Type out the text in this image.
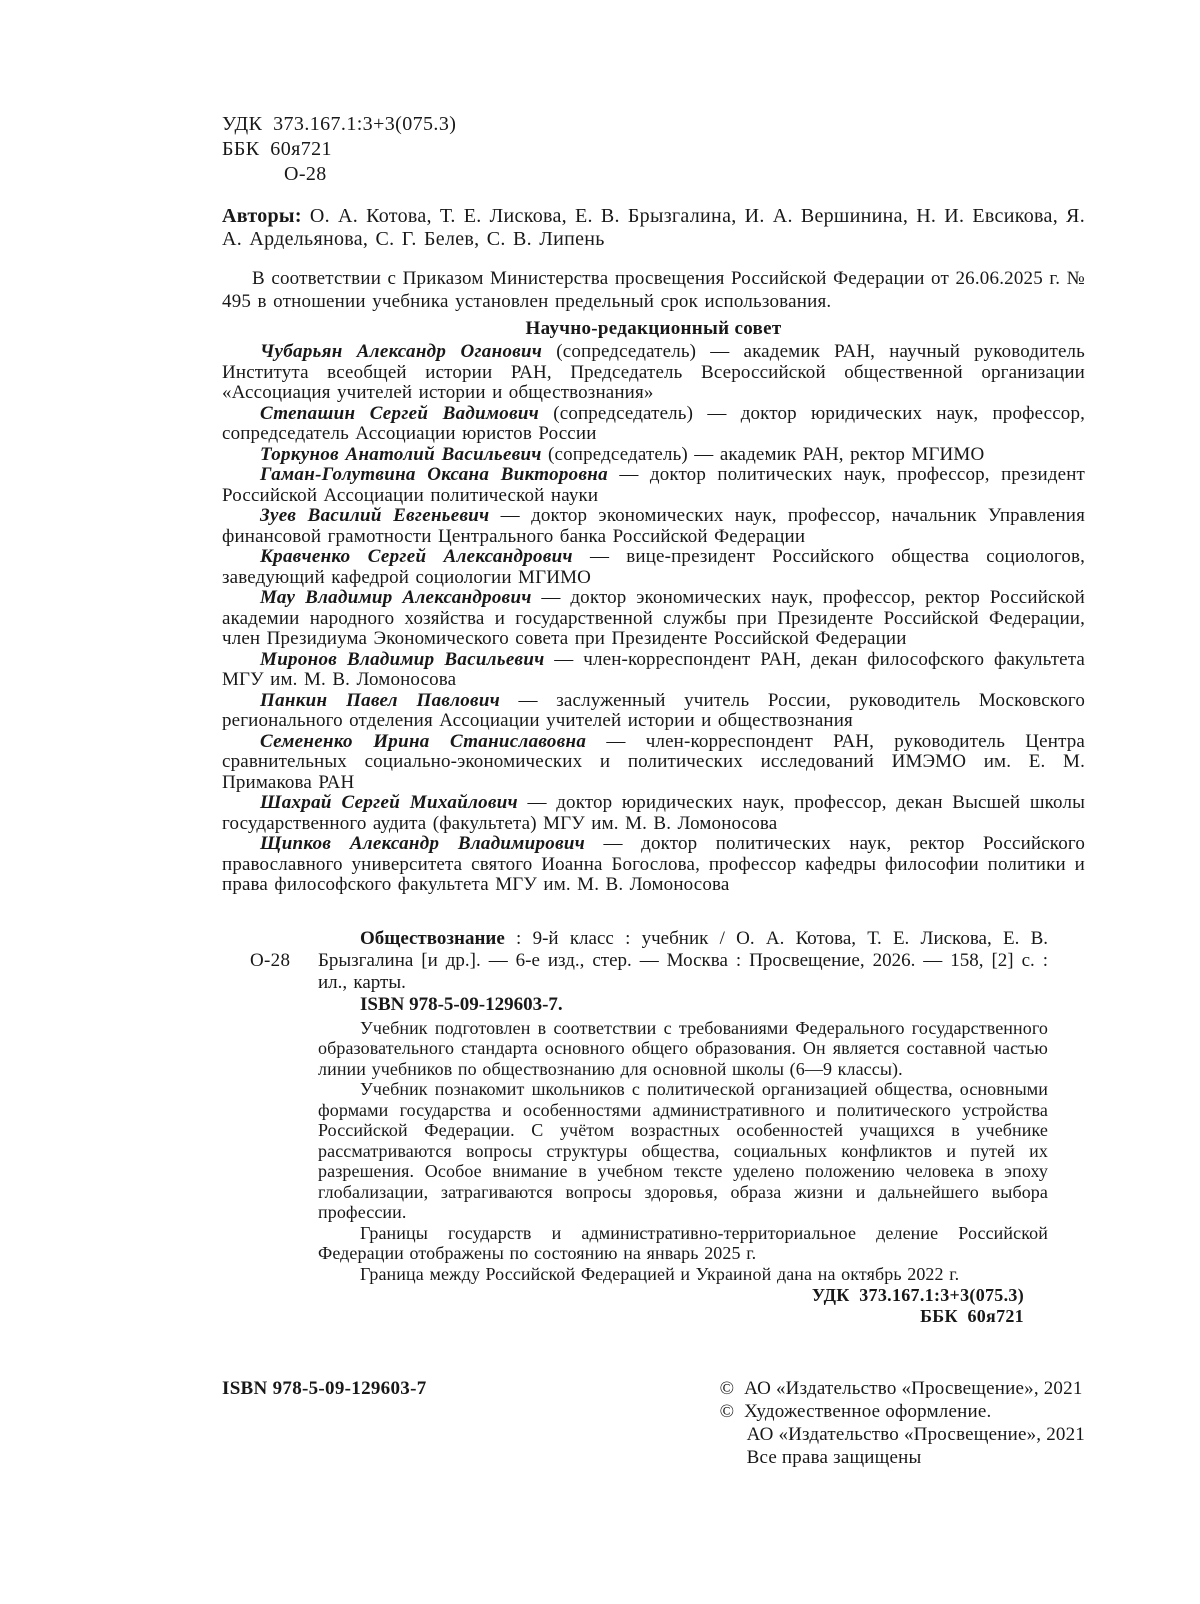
УДК  373.167.1:3+3(075.3)
ББК  60я721
О-28

Авторы: О. А. Котова, Т. Е. Лискова, Е. В. Брызгалина, И. А. Вершинина, Н. И. Евсикова, Я. А. Ардельянова, С. Г. Белев, С. В. Липень

В соответствии с Приказом Министерства просвещения Российской Федерации от 26.06.2025 г. № 495 в отношении учебника установлен предельный срок использования.

Научно-редакционный совет

Чубарьян Александр Оганович (сопредседатель) — академик РАН, научный руководитель Института всеобщей истории РАН, Председатель Всероссийской общественной организации «Ассоциация учителей истории и обществознания»

Степашин Сергей Вадимович (сопредседатель) — доктор юридических наук, профессор, сопредседатель Ассоциации юристов России

Торкунов Анатолий Васильевич (сопредседатель) — академик РАН, ректор МГИМО

Гаман-Голутвина Оксана Викторовна — доктор политических наук, профессор, президент Российской Ассоциации политической науки

Зуев Василий Евгеньевич — доктор экономических наук, профессор, начальник Управления финансовой грамотности Центрального банка Российской Федерации

Кравченко Сергей Александрович — вице-президент Российского общества социологов, заведующий кафедрой социологии МГИМО

Мау Владимир Александрович — доктор экономических наук, профессор, ректор Российской академии народного хозяйства и государственной службы при Президенте Российской Федерации, член Президиума Экономического совета при Президенте Российской Федерации

Миронов Владимир Васильевич — член-корреспондент РАН, декан философского факультета МГУ им. М. В. Ломоносова

Панкин Павел Павлович — заслуженный учитель России, руководитель Московского регионального отделения Ассоциации учителей истории и обществознания

Семененко Ирина Станиславовна — член-корреспондент РАН, руководитель Центра сравнительных социально-экономических и политических исследований ИМЭМО им. Е. М. Примакова РАН

Шахрай Сергей Михайлович — доктор юридических наук, профессор, декан Высшей школы государственного аудита (факультета) МГУ им. М. В. Ломоносова

Щипков Александр Владимирович — доктор политических наук, ректор Российского православного университета святого Иоанна Богослова, профессор кафедры философии политики и права философского факультета МГУ им. М. В. Ломоносова

О-28

Обществознание : 9-й класс : учебник / О. А. Котова, Т. Е. Лискова, Е. В. Брызгалина [и др.]. — 6-е изд., стер. — Москва : Просвещение, 2026. — 158, [2] с. : ил., карты.

ISBN 978-5-09-129603-7.

Учебник подготовлен в соответствии с требованиями Федерального государственного образовательного стандарта основного общего образования. Он является составной частью линии учебников по обществознанию для основной школы (6—9 классы).

Учебник познакомит школьников с политической организацией общества, основными формами государства и особенностями административного и политического устройства Российской Федерации. С учётом возрастных особенностей учащихся в учебнике рассматриваются вопросы структуры общества, социальных конфликтов и путей их разрешения. Особое внимание в учебном тексте уделено положению человека в эпоху глобализации, затрагиваются вопросы здоровья, образа жизни и дальнейшего выбора профессии.

Границы государств и административно-территориальное деление Российской Федерации отображены по состоянию на январь 2025 г.

Граница между Российской Федерацией и Украиной дана на октябрь 2022 г.

УДК  373.167.1:3+3(075.3)
ББК  60я721
ISBN 978-5-09-129603-7	©  АО «Издательство «Просвещение», 2021
©  Художественное оформление.
АО «Издательство «Просвещение», 2021
Все права защищены
